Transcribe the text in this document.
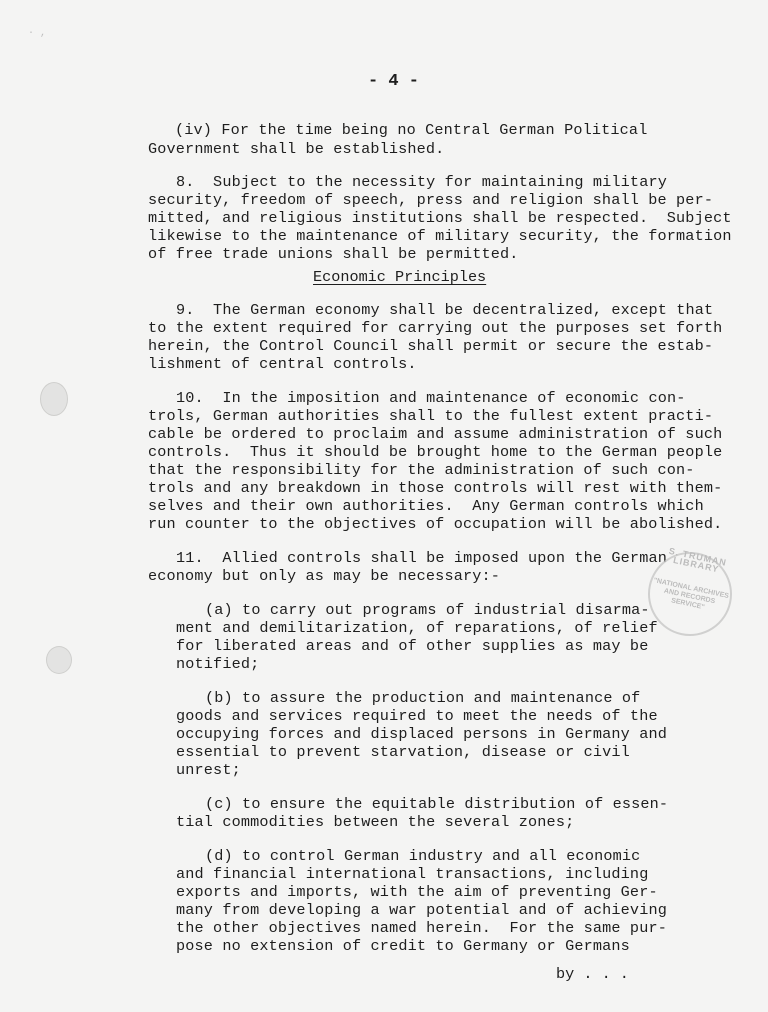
· ,
- 4 -
(iv) For the time being no Central German Political
Government shall be established.
8.  Subject to the necessity for maintaining military
security, freedom of speech, press and religion shall be per-
mitted, and religious institutions shall be respected.  Subject
likewise to the maintenance of military security, the formation
of free trade unions shall be permitted.
Economic Principles
9.  The German economy shall be decentralized, except that
to the extent required for carrying out the purposes set forth
herein, the Control Council shall permit or secure the estab-
lishment of central controls.
10.  In the imposition and maintenance of economic con-
trols, German authorities shall to the fullest extent practi-
cable be ordered to proclaim and assume administration of such
controls.  Thus it should be brought home to the German people
that the responsibility for the administration of such con-
trols and any breakdown in those controls will rest with them-
selves and their own authorities.  Any German controls which
run counter to the objectives of occupation will be abolished.
11.  Allied controls shall be imposed upon the German
economy but only as may be necessary:-
(a) to carry out programs of industrial disarma-
ment and demilitarization, of reparations, of relief
for liberated areas and of other supplies as may be
notified;
(b) to assure the production and maintenance of
goods and services required to meet the needs of the
occupying forces and displaced persons in Germany and
essential to prevent starvation, disease or civil
unrest;
(c) to ensure the equitable distribution of essen-
tial commodities between the several zones;
(d) to control German industry and all economic
and financial international transactions, including
exports and imports, with the aim of preventing Ger-
many from developing a war potential and of achieving
the other objectives named herein.  For the same pur-
pose no extension of credit to Germany or Germans
by . . .
S. TRUMAN LIBRARY
"NATIONAL ARCHIVES AND RECORDS SERVICE"
